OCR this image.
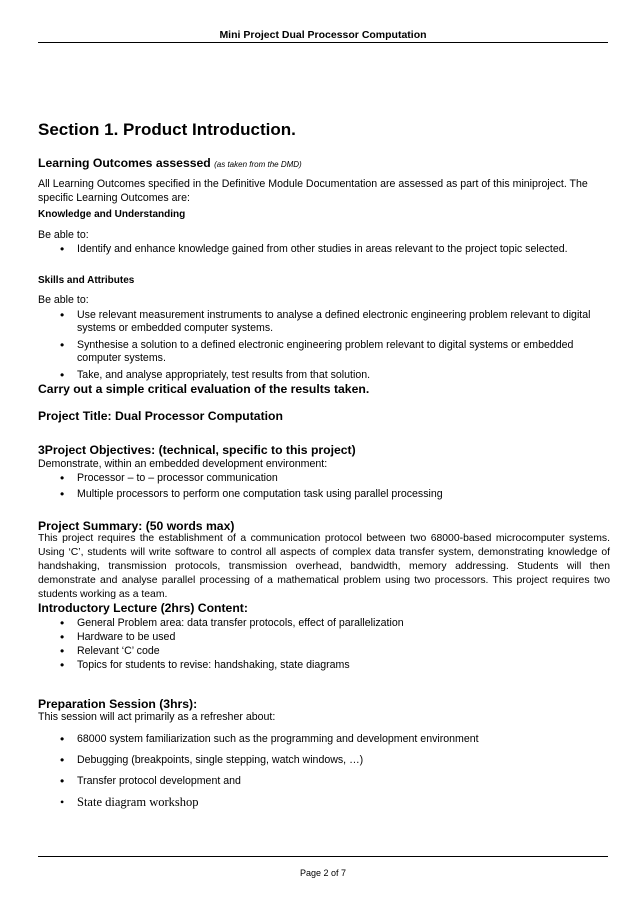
Mini Project Dual Processor Computation
Section 1. Product Introduction.
Learning Outcomes assessed (as taken from the DMD)
All Learning Outcomes specified in the Definitive Module Documentation are assessed as part of this miniproject. The specific Learning Outcomes are:
Knowledge and Understanding
Be able to:
• Identify and enhance knowledge gained from other studies in areas relevant to the project topic selected.
Skills and Attributes
Be able to:
• Use relevant measurement instruments to analyse a defined electronic engineering problem relevant to digital systems or embedded computer systems.
• Synthesise a solution to a defined electronic engineering problem relevant to digital systems or embedded computer systems.
• Take, and analyse appropriately, test results from that solution.
Carry out a simple critical evaluation of the results taken.
Project Title: Dual Processor Computation
3Project Objectives: (technical, specific to this project)
Demonstrate, within an embedded development environment:
• Processor – to – processor communication
• Multiple processors to perform one computation task using parallel processing
Project Summary: (50 words max)
This project requires the establishment of a communication protocol between two 68000-based microcomputer systems. Using ‘C’, students will write software to control all aspects of complex data transfer system, demonstrating knowledge of handshaking, transmission protocols, transmission overhead, bandwidth, memory addressing. Students will then demonstrate and analyse parallel processing of a mathematical problem using two processors. This project requires two students working as a team.
Introductory Lecture (2hrs) Content:
• General Problem area: data transfer protocols, effect of parallelization
• Hardware to be used
• Relevant ‘C’ code
• Topics for students to revise: handshaking, state diagrams
Preparation Session (3hrs):
This session will act primarily as a refresher about:
• 68000 system familiarization such as the programming and development environment
• Debugging (breakpoints, single stepping, watch windows, …)
• Transfer protocol development and
• State diagram workshop
Page 2 of 7
